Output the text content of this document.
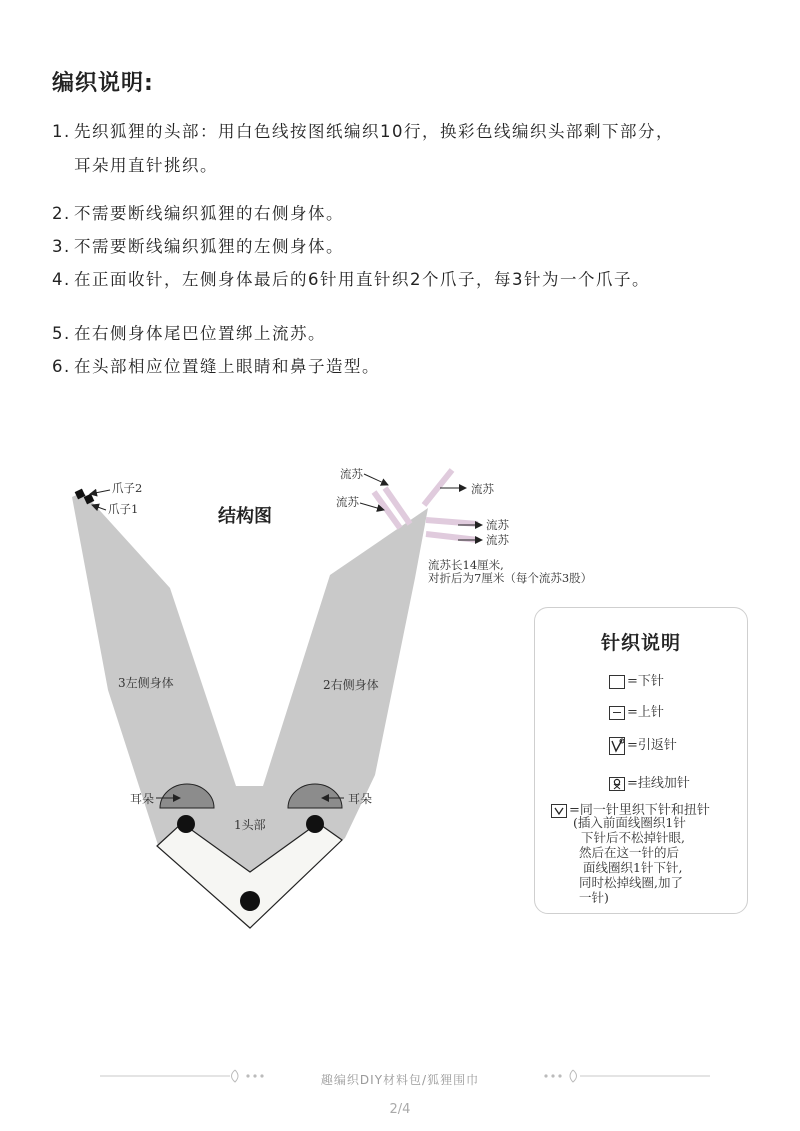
编织说明:
1. 先织狐狸的头部：用白色线按图纸编织10行，换彩色线编织头部剩下部分，
耳朵用直针挑织。
2. 不需要断线编织狐狸的右侧身体。
3. 不需要断线编织狐狸的左侧身体。
4. 在正面收针，左侧身体最后的6针用直针织2个爪子，每3针为一个爪子。
5. 在右侧身体尾巴位置绑上流苏。
6. 在头部相应位置缝上眼睛和鼻子造型。
结构图
3左侧身体	2右侧身体
1头部
耳朵	耳朵
爪子2
爪子1
流苏
流苏
流苏
流苏
流苏
流苏长14厘米,
对折后为7厘米（每个流苏3股）
针织说明
=下针
=上针
=引返针
=挂线加针
=同一针里织下针和扭针
(插入前面线圈织1针
下针后不松掉针眼,
然后在这一针的后
面线圈织1针下针,
同时松掉线圈,加了
一针)
趣编织DIY材料包/狐狸围巾
2/4
